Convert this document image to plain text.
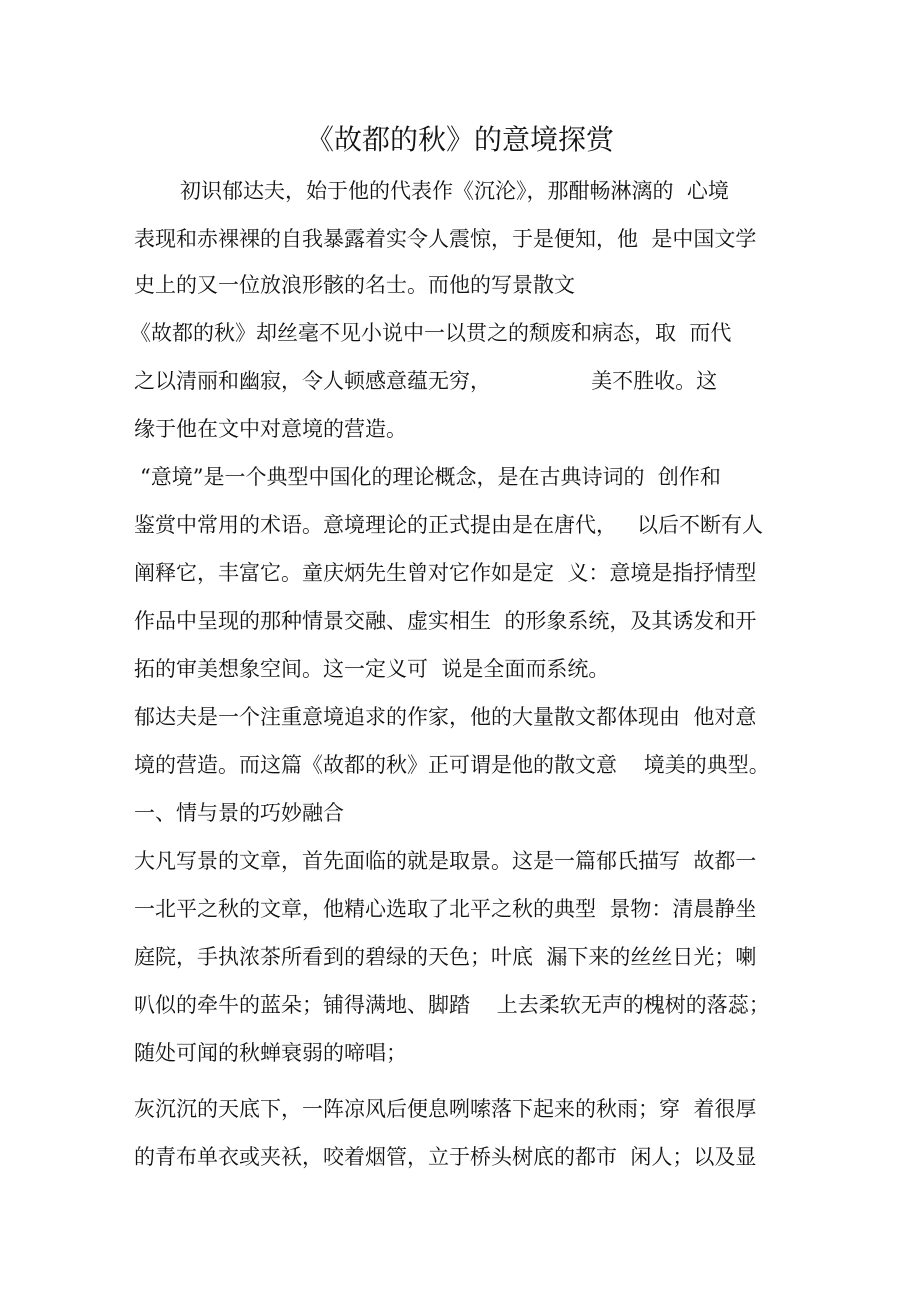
《故都的秋》的意境探赏
初识郁达夫，始于他的代表作《沉沦》，那酣畅淋漓的  心境
表现和赤裸裸的自我暴露着实令人震惊，于是便知，他  是中国文学
史上的又一位放浪形骸的名士。而他的写景散文
《故都的秋》却丝毫不见小说中一以贯之的颓废和病态，取  而代
之以清丽和幽寂，令人顿感意蕴无穷，               美不胜收。这
缘于他在文中对意境的营造。
“意境”是一个典型中国化的理论概念，是在古典诗词的  创作和
鉴赏中常用的术语。意境理论的正式提由是在唐代，   以后不断有人
阐释它，丰富它。童庆炳先生曾对它作如是定  义：意境是指抒情型
作品中呈现的那种情景交融、虚实相生  的形象系统，及其诱发和开
拓的审美想象空间。这一定义可  说是全面而系统。
郁达夫是一个注重意境追求的作家，他的大量散文都体现由  他对意
境的营造。而这篇《故都的秋》正可谓是他的散文意    境美的典型。
一、情与景的巧妙融合
大凡写景的文章，首先面临的就是取景。这是一篇郁氏描写  故都一
一北平之秋的文章，他精心选取了北平之秋的典型  景物：清晨静坐
庭院，手执浓茶所看到的碧绿的天色；叶底  漏下来的丝丝日光；喇
叭似的牵牛的蓝朵；铺得满地、脚踏    上去柔软无声的槐树的落蕊；
随处可闻的秋蝉衰弱的啼唱；
灰沉沉的天底下，一阵凉风后便息咧嗦落下起来的秋雨；穿  着很厚
的青布单衣或夹袄，咬着烟管，立于桥头树底的都市  闲人；以及显
